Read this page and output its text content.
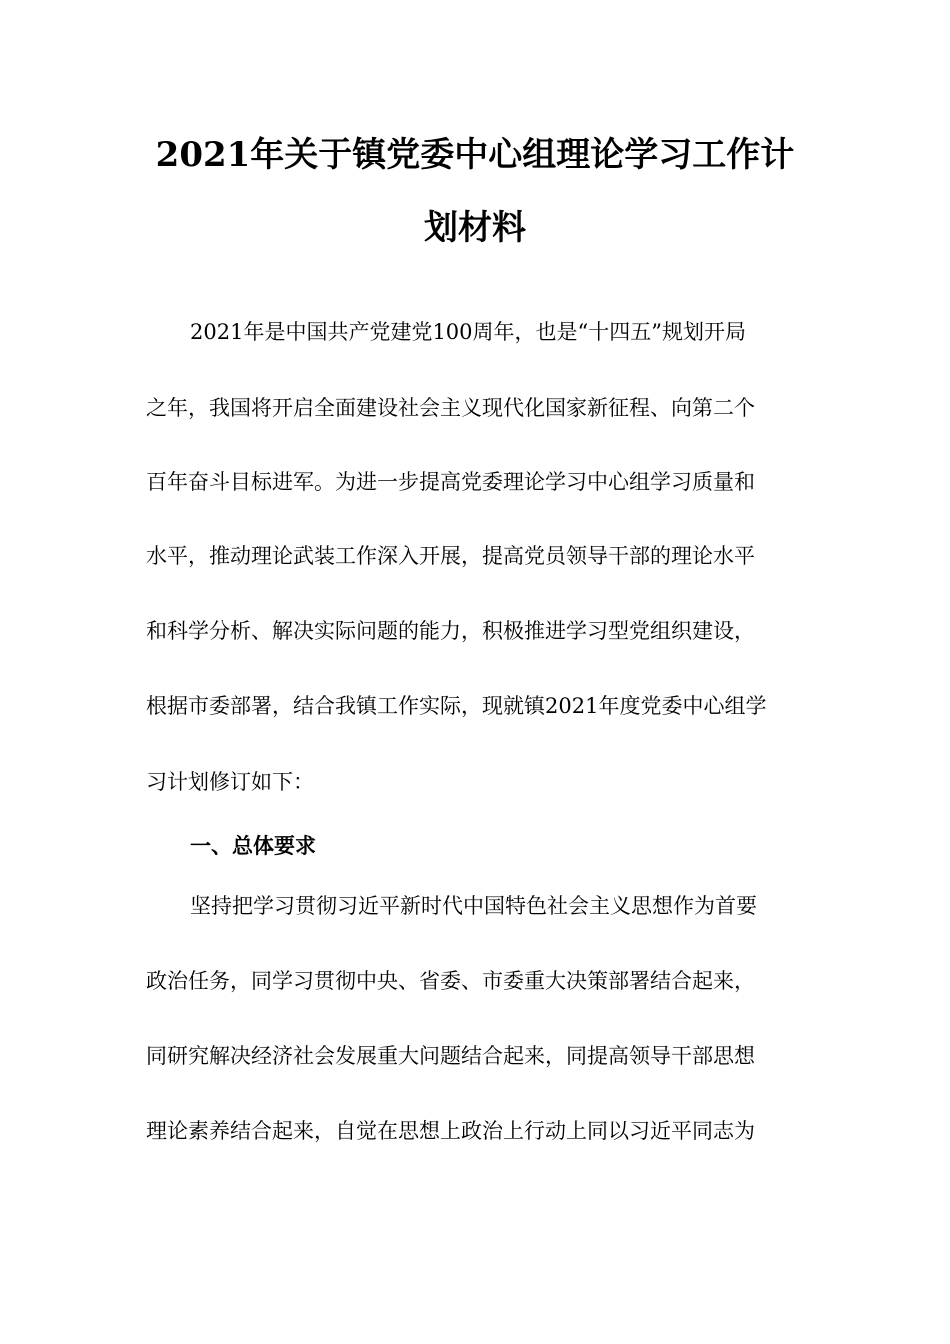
2021年关于镇党委中心组理论学习工作计
划材料
2021年是中国共产党建党100周年，也是“十四五”规划开局
之年，我国将开启全面建设社会主义现代化国家新征程、向第二个
百年奋斗目标进军。为进一步提高党委理论学习中心组学习质量和
水平，推动理论武装工作深入开展，提高党员领导干部的理论水平
和科学分析、解决实际问题的能力，积极推进学习型党组织建设，
根据市委部署，结合我镇工作实际，现就镇2021年度党委中心组学
习计划修订如下：
一、总体要求
坚持把学习贯彻习近平新时代中国特色社会主义思想作为首要
政治任务，同学习贯彻中央、省委、市委重大决策部署结合起来，
同研究解决经济社会发展重大问题结合起来，同提高领导干部思想
理论素养结合起来，自觉在思想上政治上行动上同以习近平同志为
